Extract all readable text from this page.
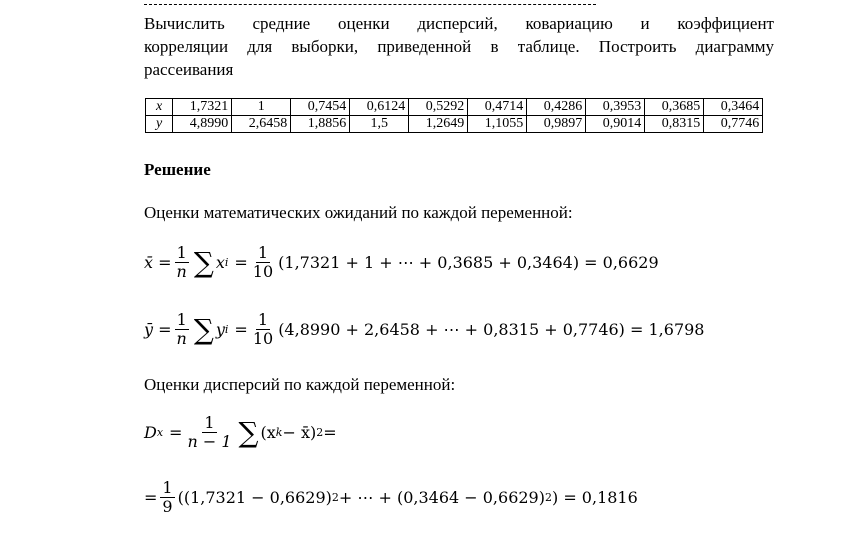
Вычислить средние оценки дисперсий, ковариацию и коэффициент
корреляции для выборки, приведенной в таблице. Построить диаграмму
рассеивания
x	1,7321	1	0,7454	0,6124	0,5292	0,4714	0,4286	0,3953	0,3685	0,3464
y	4,8990	2,6458	1,8856	1,5	1,2649	1,1055	0,9897	0,9014	0,8315	0,7746
Решение
Оценки математических ожиданий по каждой переменной:
x̄ = $\frac{1}{n}$ ∑ x $i = \frac{1}{10} (1,7321 + 1$ + ⋯ + 0,3685 + 0,3464) = 0,6629
ȳ = $\frac{1}{n}$ ∑ y $i = \frac{1}{10} (4,8990 + 2,6458$ + ⋯ + 0,8315 + 0,7746) = 1,6798
Оценки дисперсий по каждой переменной:
D $x = \frac{1}{n - 1}$ ∑ (x k − x̄) 2 =
= $\frac{1}{9} ((1,7321 - 0,6629) 2$ + ⋯ + (0,3464 − 0,6629) 2 ) = 0,1816
